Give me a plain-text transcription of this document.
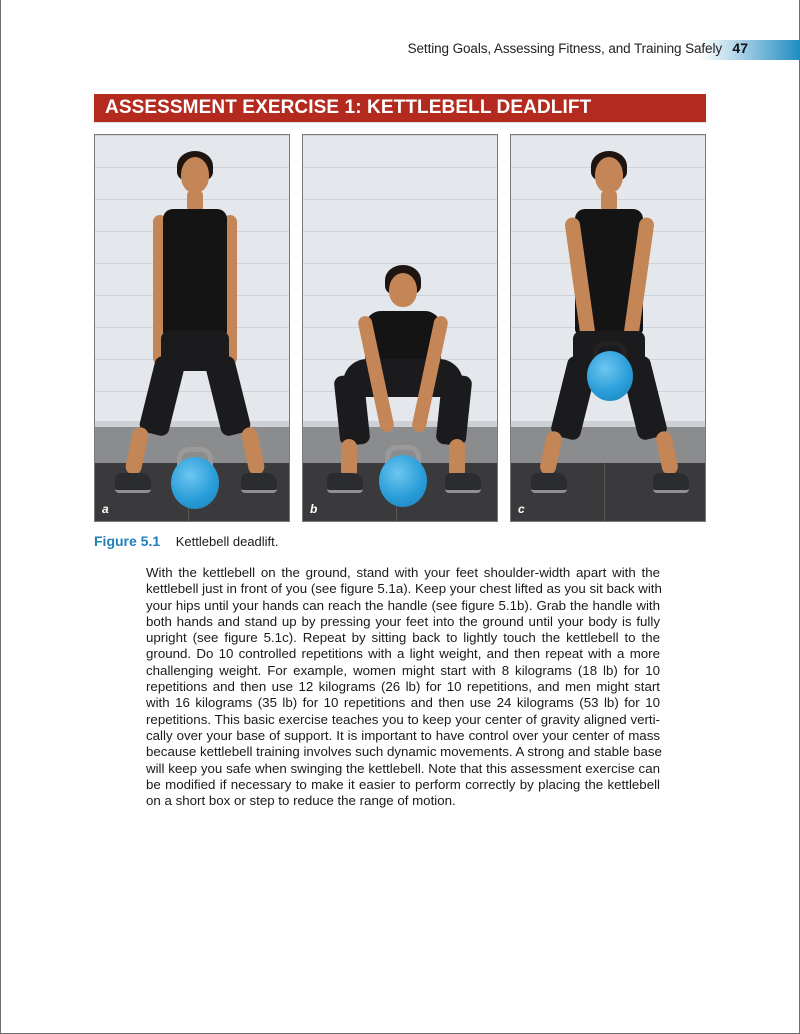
Setting Goals, Assessing Fitness, and Training Safely 47
ASSESSMENT EXERCISE 1: KETTLEBELL DEADLIFT
a	b	c
Figure 5.1 Kettlebell deadlift.
With the kettlebell on the ground, stand with your feet shoulder-width apart with the
kettlebell just in front of you (see figure 5.1a). Keep your chest lifted as you sit back with
your hips until your hands can reach the handle (see figure 5.1b). Grab the handle with
both hands and stand up by pressing your feet into the ground until your body is fully
upright (see figure 5.1c). Repeat by sitting back to lightly touch the kettlebell to the
ground. Do 10 controlled repetitions with a light weight, and then repeat with a more
challenging weight. For example, women might start with 8 kilograms (18 lb) for 10
repetitions and then use 12 kilograms (26 lb) for 10 repetitions, and men might start
with 16 kilograms (35 lb) for 10 repetitions and then use 24 kilograms (53 lb) for 10
repetitions. This basic exercise teaches you to keep your center of gravity aligned verti-
cally over your base of support. It is important to have control over your center of mass
because kettlebell training involves such dynamic movements. A strong and stable base
will keep you safe when swinging the kettlebell. Note that this assessment exercise can
be modified if necessary to make it easier to perform correctly by placing the kettlebell
on a short box or step to reduce the range of motion.
